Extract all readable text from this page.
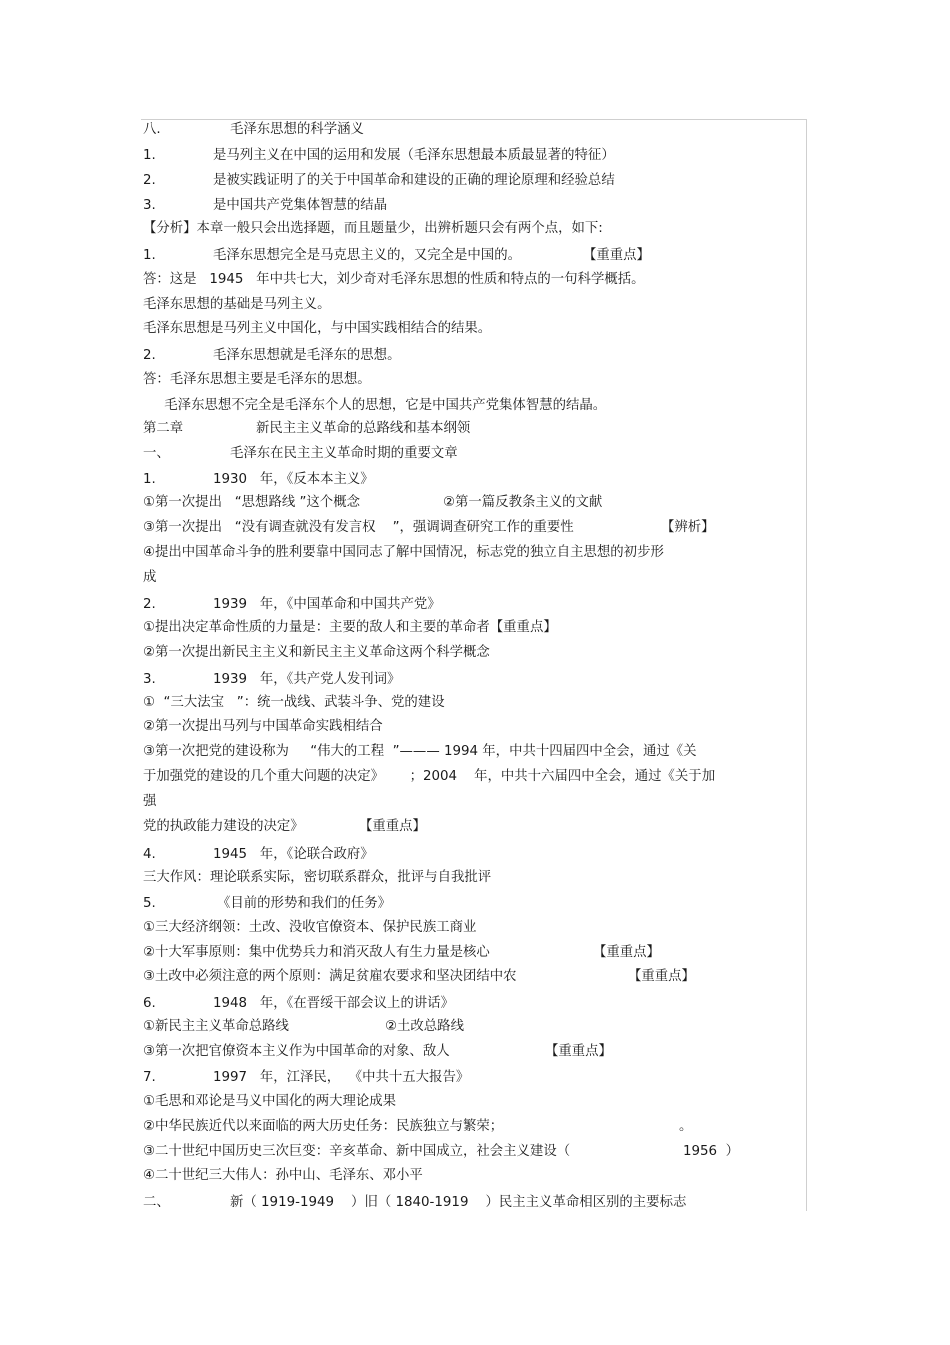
八.	毛泽东思想的科学涵义
1.	是马列主义在中国的运用和发展（毛泽东思想最本质最显著的特征）
2.	是被实践证明了的关于中国革命和建设的正确的理论原理和经验总结
3.	是中国共产党集体智慧的结晶
【分析】本章一般只会出选择题，而且题量少，出辨析题只会有两个点，如下:
1.	毛泽东思想完全是马克思主义的，又完全是中国的。	【重重点】
答：这是   1945   年中共七大，刘少奇对毛泽东思想的性质和特点的一句科学概括。
毛泽东思想的基础是马列主义。
毛泽东思想是马列主义中国化，与中国实践相结合的结果。
2.	毛泽东思想就是毛泽东的思想。
答：毛泽东思想主要是毛泽东的思想。
毛泽东思想不完全是毛泽东个人的思想，它是中国共产党集体智慧的结晶。
第二章	新民主主义革命的总路线和基本纲领
一、	毛泽东在民主主义革命时期的重要文章
1.	1930   年，《反本本主义》
①第一次提出   “思想路线 ”这个概念	②第一篇反教条主义的文献
③第一次提出   “没有调查就没有发言权    ”，强调调查研究工作的重要性	【辨析】
④提出中国革命斗争的胜利要靠中国同志了解中国情况，标志党的独立自主思想的初步形
成
2.	1939   年，《中国革命和中国共产党》
①提出决定革命性质的力量是：主要的敌人和主要的革命者【重重点】
②第一次提出新民主主义和新民主主义革命这两个科学概念
3.	1939   年，《共产党人发刊词》
①  “三大法宝   ”：统一战线、武装斗争、党的建设
②第一次提出马列与中国革命实践相结合
③第一次把党的建设称为     “伟大的工程  ”——— 1994 年，中共十四届四中全会，通过《关
于加强党的建设的几个重大问题的决定》      ；2004    年，中共十六届四中全会，通过《关于加
强
党的执政能力建设的决定》	【重重点】
4.	1945   年，《论联合政府》
三大作风：理论联系实际，密切联系群众，批评与自我批评
5.	《目前的形势和我们的任务》
①三大经济纲领：土改、没收官僚资本、保护民族工商业
②十大军事原则：集中优势兵力和消灭敌人有生力量是核心	【重重点】
③土改中必须注意的两个原则：满足贫雇农要求和坚决团结中农	【重重点】
6.	1948   年，《在晋绥干部会议上的讲话》
①新民主主义革命总路线	②土改总路线
③第一次把官僚资本主义作为中国革命的对象、敌人	【重重点】
7.	1997   年，江泽民，  《中共十五大报告》
①毛思和邓论是马义中国化的两大理论成果
②中华民族近代以来面临的两大历史任务：民族独立与繁荣；	。
③二十世纪中国历史三次巨变：辛亥革命、新中国成立，社会主义建设（	1956  ）
④二十世纪三大伟人：孙中山、毛泽东、邓小平
二、	新（ 1919-1949    ）旧（ 1840-1919    ）民主主义革命相区别的主要标志
